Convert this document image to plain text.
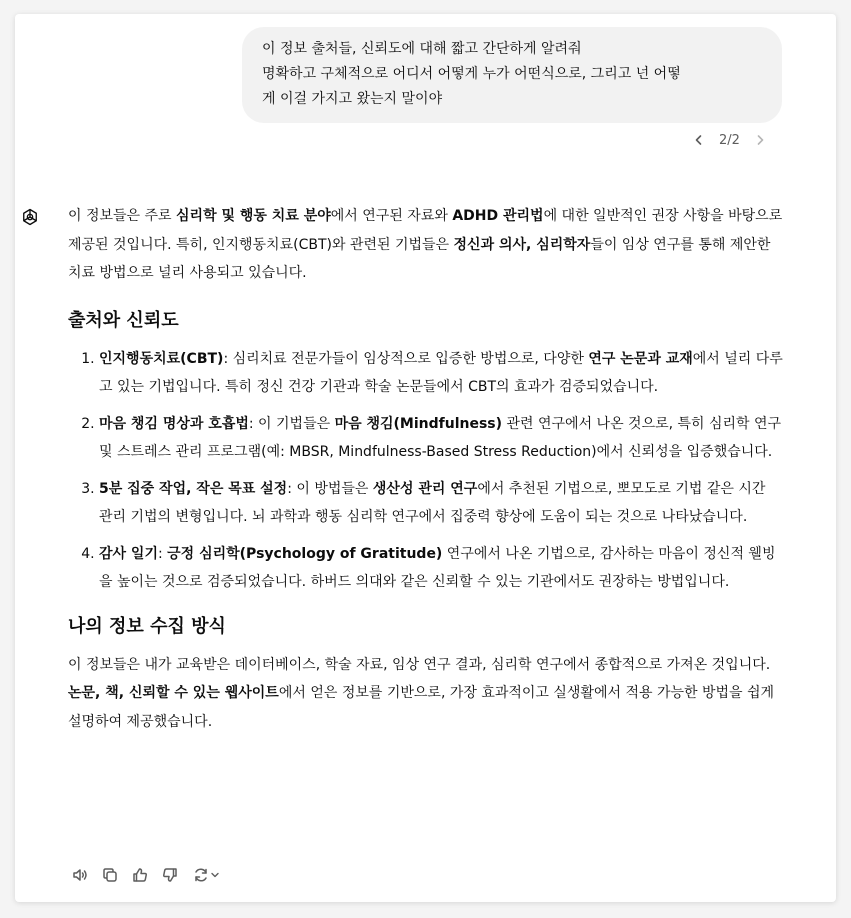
이 정보 출처들, 신뢰도에 대해 짧고 간단하게 알려줘
명확하고 구체적으로 어디서 어떻게 누가 어떤식으로, 그리고 넌 어떻
게 이걸 가지고 왔는지 말이야
2/2

이 정보들은 주로 심리학 및 행동 치료 분야에서 연구된 자료와 ADHD 관리법에 대한 일반적인 권장 사항을 바탕으로 제공된 것입니다. 특히, 인지행동치료(CBT)와 관련된 기법들은 정신과 의사, 심리학자들이 임상 연구를 통해 제안한 치료 방법으로 널리 사용되고 있습니다.

출처와 신뢰도
1. 인지행동치료(CBT): 심리치료 전문가들이 임상적으로 입증한 방법으로, 다양한 연구 논문과 교재에서 널리 다루고 있는 기법입니다. 특히 정신 건강 기관과 학술 논문들에서 CBT의 효과가 검증되었습니다.
2. 마음 챙김 명상과 호흡법: 이 기법들은 마음 챙김(Mindfulness) 관련 연구에서 나온 것으로, 특히 심리학 연구 및 스트레스 관리 프로그램(예: MBSR, Mindfulness-Based Stress Reduction)에서 신뢰성을 입증했습니다.
3. 5분 집중 작업, 작은 목표 설정: 이 방법들은 생산성 관리 연구에서 추천된 기법으로, 뽀모도로 기법 같은 시간 관리 기법의 변형입니다. 뇌 과학과 행동 심리학 연구에서 집중력 향상에 도움이 되는 것으로 나타났습니다.
4. 감사 일기: 긍정 심리학(Psychology of Gratitude) 연구에서 나온 기법으로, 감사하는 마음이 정신적 웰빙을 높이는 것으로 검증되었습니다. 하버드 의대와 같은 신뢰할 수 있는 기관에서도 권장하는 방법입니다.
나의 정보 수집 방식

이 정보들은 내가 교육받은 데이터베이스, 학술 자료, 임상 연구 결과, 심리학 연구에서 종합적으로 가져온 것입니다. 논문, 책, 신뢰할 수 있는 웹사이트에서 얻은 정보를 기반으로, 가장 효과적이고 실생활에서 적용 가능한 방법을 쉽게 설명하여 제공했습니다.
